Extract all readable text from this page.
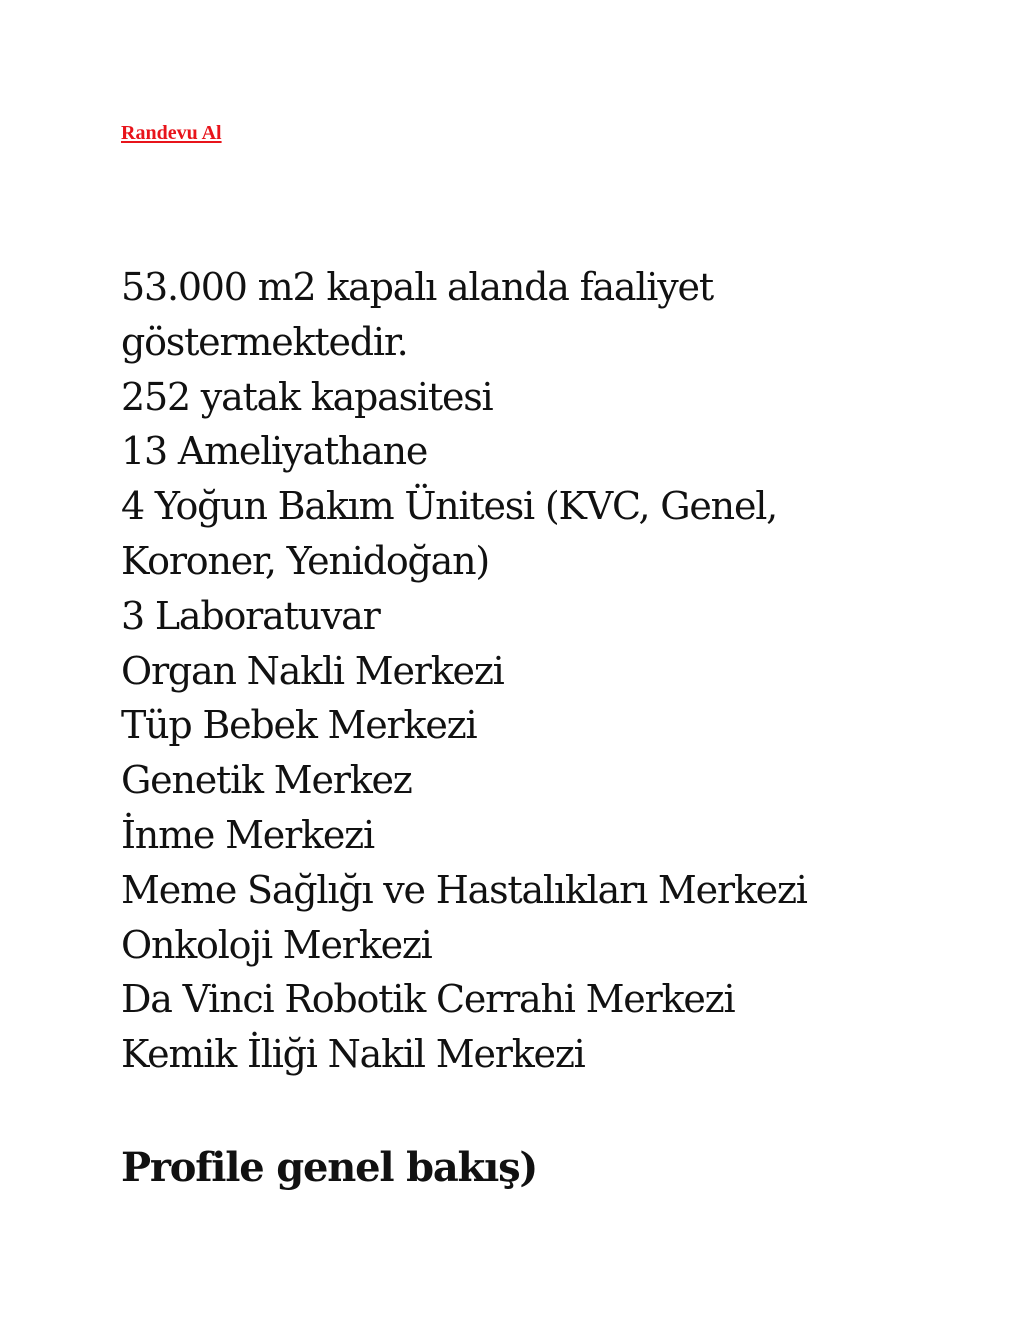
Randevu Al
53.000 m2 kapalı alanda faaliyet
göstermektedir.
252 yatak kapasitesi
13 Ameliyathane
4 Yoğun Bakım Ünitesi (KVC, Genel,
Koroner, Yenidoğan)
3 Laboratuvar
Organ Nakli Merkezi
Tüp Bebek Merkezi
Genetik Merkez
İnme Merkezi
Meme Sağlığı ve Hastalıkları Merkezi
Onkoloji Merkezi
Da Vinci Robotik Cerrahi Merkezi
Kemik İliği Nakil Merkezi
Profile genel bakış)
